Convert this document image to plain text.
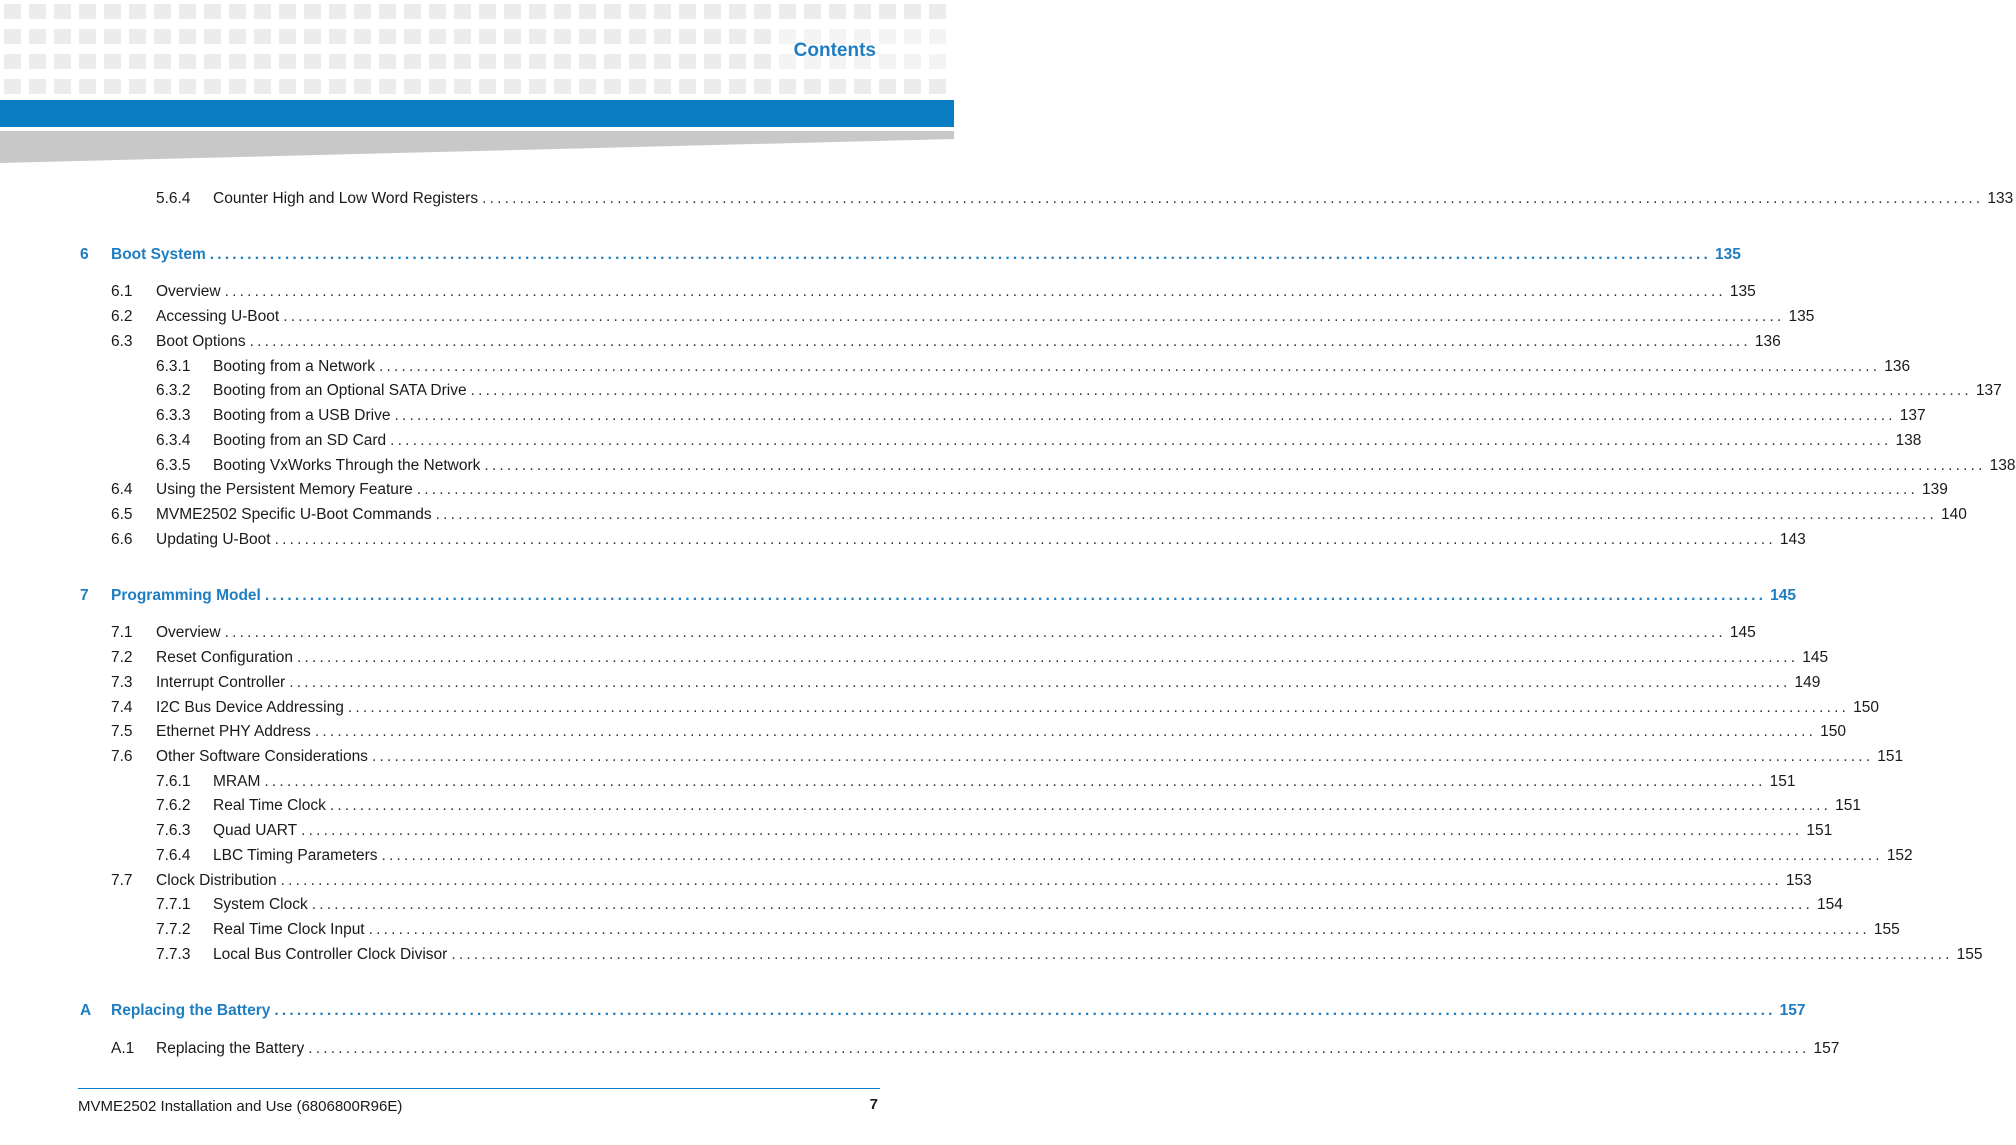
Contents
5.6.4 Counter High and Low Word Registers ........................................................................................................................................................................................................ 133
6 Boot System ........................................................................................................................................................................................................ 135
6.1 Overview ........................................................................................................................................................................................................ 135
6.2 Accessing U-Boot ........................................................................................................................................................................................................ 135
6.3 Boot Options ........................................................................................................................................................................................................ 136
6.3.1 Booting from a Network ........................................................................................................................................................................................................ 136
6.3.2 Booting from an Optional SATA Drive ........................................................................................................................................................................................................ 137
6.3.3 Booting from a USB Drive ........................................................................................................................................................................................................ 137
6.3.4 Booting from an SD Card ........................................................................................................................................................................................................ 138
6.3.5 Booting VxWorks Through the Network ........................................................................................................................................................................................................ 138
6.4 Using the Persistent Memory Feature ........................................................................................................................................................................................................ 139
6.5 MVME2502 Specific U-Boot Commands ........................................................................................................................................................................................................ 140
6.6 Updating U-Boot ........................................................................................................................................................................................................ 143
7 Programming Model ........................................................................................................................................................................................................ 145
7.1 Overview ........................................................................................................................................................................................................ 145
7.2 Reset Configuration ........................................................................................................................................................................................................ 145
7.3 Interrupt Controller ........................................................................................................................................................................................................ 149
7.4 I2C Bus Device Addressing ........................................................................................................................................................................................................ 150
7.5 Ethernet PHY Address ........................................................................................................................................................................................................ 150
7.6 Other Software Considerations ........................................................................................................................................................................................................ 151
7.6.1 MRAM ........................................................................................................................................................................................................ 151
7.6.2 Real Time Clock ........................................................................................................................................................................................................ 151
7.6.3 Quad UART ........................................................................................................................................................................................................ 151
7.6.4 LBC Timing Parameters ........................................................................................................................................................................................................ 152
7.7 Clock Distribution ........................................................................................................................................................................................................ 153
7.7.1 System Clock ........................................................................................................................................................................................................ 154
7.7.2 Real Time Clock Input ........................................................................................................................................................................................................ 155
7.7.3 Local Bus Controller Clock Divisor ........................................................................................................................................................................................................ 155
A Replacing the Battery ........................................................................................................................................................................................................ 157
A.1 Replacing the Battery ........................................................................................................................................................................................................ 157
MVME2502 Installation and Use (6806800R96E)	7
